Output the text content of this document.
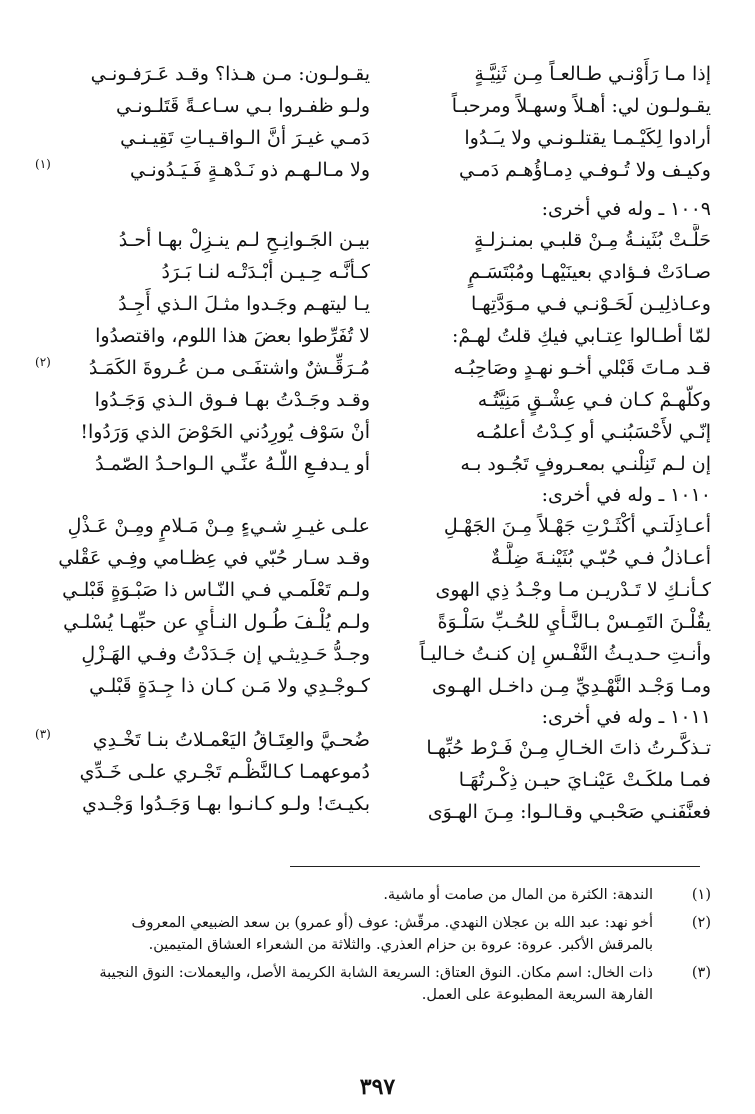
إذا مـا رَأَوْنـي طـالعـاً مِـن ثَنِيَّـةٍ
يقـولـون لي: أهـلاً وسهـلاً ومرحبـاً
أرادوا لِكَيْـمـا يقتلـونـي ولا يـَـدُوا
وكيـف ولا تُـوفـي دِمـاؤُهـم دَمـي
١٠٠٩ ـ وله في أخرى:
حَلَّـتْ بُثَينـةُ مِـنْ قلبـي بمنـزلـةٍ
صـادَتْ فـؤادي بعينَيْهـا ومُبْتَسَـمٍ
وعـاذلِيـن لَحَـوْنـي فـي مـوَدَّتِهـا
لمّا أطـالوا عِتـابي فيكِ قلتُ لهـمْ:
قـد مـاتَ قَبْلي أخـو نهـدٍ وصَاحِبُـه
وكلّهـمْ كـان فـي عِشْـقٍ مَنِيَّتُـه
إنّـي لأَحْسَبُنـي أو كِـدْتُ أعلمُـه
إن لـم تَنِلْنـي بمعـروفٍ تَجُـود بـه
١٠١٠ ـ وله في أخرى:
أعـاذِلَتـي أكْثَـرْتِ جَهْـلاً مِـنَ الجَهْـلِ
أعـاذلُ فـي حُبّـي بُثَيْنـةَ ضِلَّـةٌ
كـأنـكِ لا تَـدْريـن مـا وجْـدُ ذِي الهوى
يقُلْـنَ التَمِـسْ بـالنَّـأْيِ للحُـبِّ سَلْـوَةً
وأنـتِ حـديـثُ النَّفْـسِ إن كنـتُ خـاليـاً
ومـا وَجْـد النَّهْـدِيِّ مِـن داخـل الهـوى
١٠١١ ـ وله في أخرى:
تـذكَّـرتُ ذاتَ الخـالِ مِـنْ فَـرْط حُبِّهـا
فمـا ملكَـتْ عَيْنـايَ حيـن ذِكْـرتُهَـا
فعنَّفَنـي صَحْبـي وقـالـوا: مِـنَ الهـوَى
يقـولـون: مـن هـذا؟ وقـد عَـرَفـونـي
ولـو ظفـروا بـي سـاعـةً قَتَلـونـي
دَمـي غيـرَ أنَّ الـواقـيـاتِ تَقِيـنـي
ولا مـالـهـم ذو نَـدْهـةٍ فَـيَـدُونـي
(١)
بيـن الجَـوانِـحِ لـم ينـزِلْ بهـا أحـدُ
كـأنَّـه حِـيـن أبْـدَتْـه لنـا بَـرَدُ
يـا ليتهـم وجَـدوا مثـلَ الـذي أَجِـدُ
لا تُفَرِّطوا بعضَ هذا اللوم، واقتصدُوا
مُـرَقِّـشٌ واشتفَـى مـن عُـروةَ الكَمَـدُ
(٢)
وقـد وجَـدْتُ بهـا فـوق الـذي وَجَـدُوا
أنْ سَوْف يُورِدُني الحَوْضَ الذي وَرَدُوا!
أو يـدفـعِ اللّـهُ عنِّـي الـواحـدُ الصّمـدُ
علـى غيـرِ شـيءٍ مِـنْ مَـلامٍ ومِـنْ عَـذْلِ
وقـد سـار حُبّي في عِظـامي وفِـي عَقْلي
ولـم تَعْلَمـي فـي النّـاس ذا صَبْـوَةٍ قَبْلـي
ولـم يُلْـفَ طُـول النـأْيِ عن حبِّهـا يُسْلـي
وجـدُّ حَـدِيثـي إن جَـدَدْتُ وفـي الهَـزْلِ
كـوجْـدِي ولا مَـن كـان ذا جِـدَةٍ قَبْلـي
ضُحـيَّ والعِتَـاقُ اليَعْمـلاتُ بنـا تَخْـدِي
(٣)
دُموعهمـا كـالنَّظْـم تَجْـري علـى خَـدِّي
بكيـتَ! ولـو كـانـوا بهـا وَجَـدُوا وَجْـدي
(١)
الندهة: الكثرة من المال من صامت أو ماشية.
(٢)
أخو نهد: عبد الله بن عجلان النهدي. مرقّش: عوف (أو عمرو) بن سعد الضبيعي المعروف
بالمرقش الأكبر. عروة: عروة بن حزام العذري. والثلاثة من الشعراء العشاق المتيمين.
(٣)
ذات الخال: اسم مكان. النوق العتاق: السريعة الشابة الكريمة الأصل، واليعملات: النوق النجيبة
الفارهة السريعة المطبوعة على العمل.
٣٩٧
